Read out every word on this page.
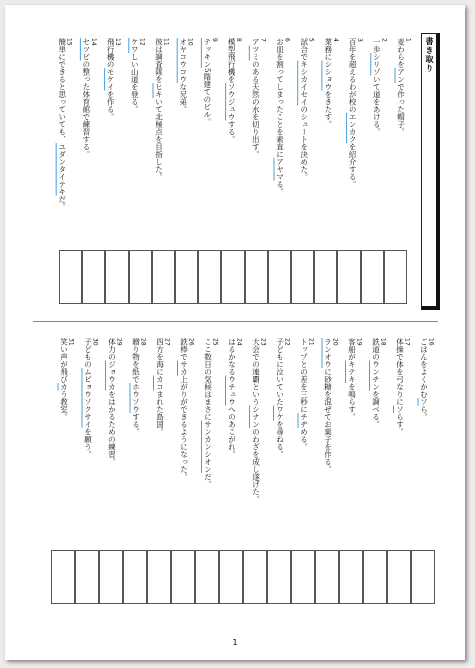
書き取り
1
麦わらをアンで作った帽子。
2
一歩シリゾいて道をあける。
3
百年を超えるわが校のエンカクを紹介する。
4
業務にシショウをきたす。
5
試合でキシカイセイのシュートを決めた。
6
お皿を割ってしまったことを素直にアヤマる。
7
アツミのある天然の水を切り出す。
8
模型飛行機をソウジュウする。
9
テッキン5階建てのビル。
10
オヤコウコウな兄弟。
11
彼は調査隊をヒキいて北極点を目指した。
12
ケワしい山道を登る。
13
飛行機のモケイを作る。
14
セツビの整った体育館で練習する。
15
簡単にできると思っていても、ユダンタイテキだ。
16
ごはんをよくかむソら。
17
体操で体を弓なりにソらす。
18
鉄道のウンチンを調べる。
19
客船がキテキを鳴らす。
20
ランオウに砂糖を混ぜてお菓子を作る。
21
トップとの差を三秒にチヂめる。
22
子どもに泣いていたワケを尋ねる。
23
大会での連覇というシナンのわざを成し遂げた。
24
はるかなるウチュウへのあこがれ。
25
ここ数日の気候はまさにサンカンシオンだ。
26
鉄棒でサカ上がりができるようになった。
27
四方を海にカコまれた島国。
28
贈り物を紙でホウソウする。
29
体力のジョウカをはかるための練習。
30
子どものムビョウソクサイを願う。
31
笑い声が飛びカう教室。
1
